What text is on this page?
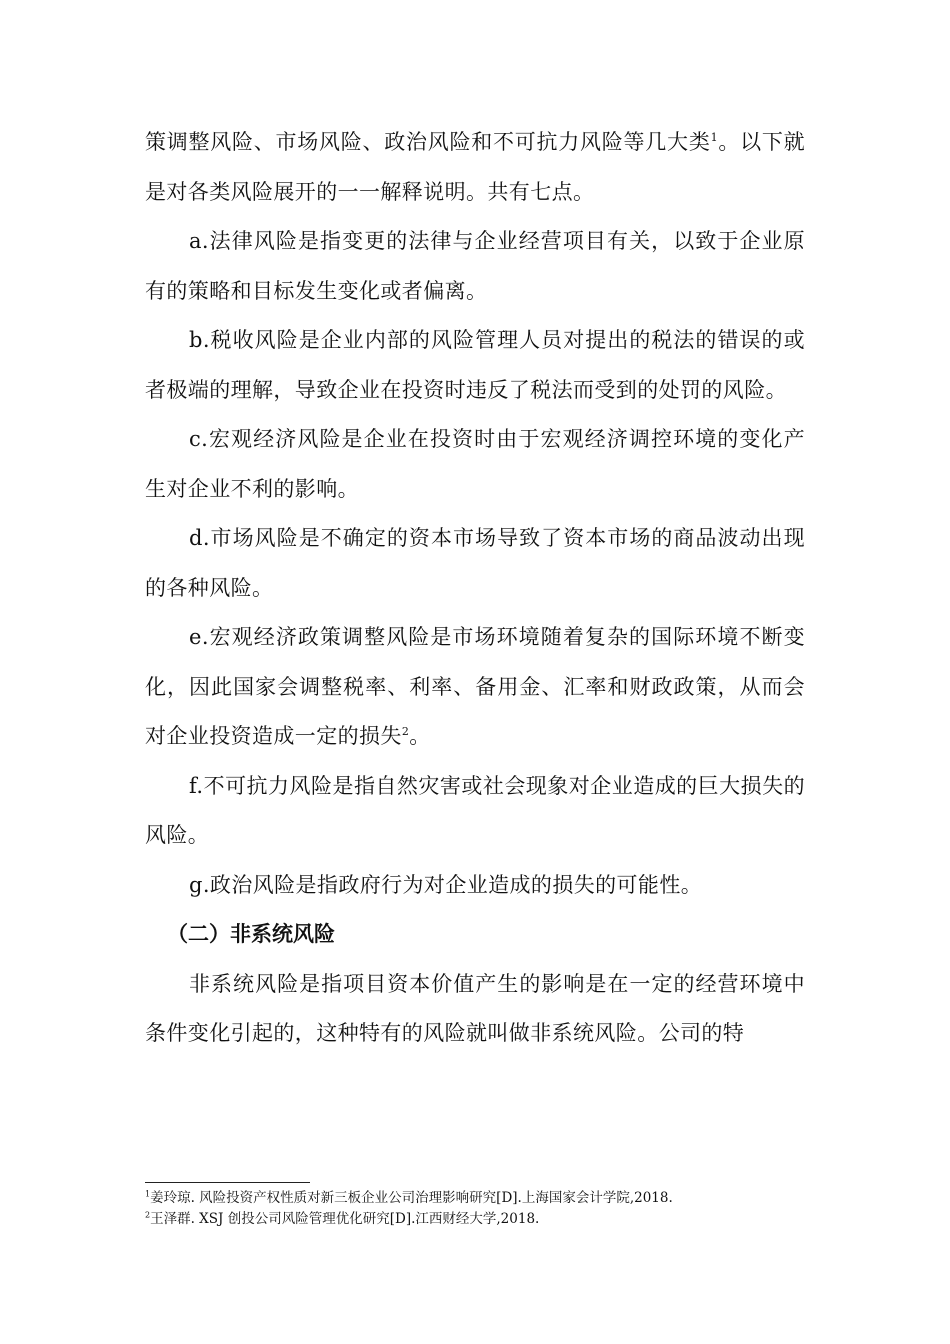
策调整风险、市场风险、政治风险和不可抗力风险等几大类$^1$。以下就是对各类风险展开的一一解释说明。共有七点。

a.法律风险是指变更的法律与企业经营项目有关，以致于企业原有的策略和目标发生变化或者偏离。

b.税收风险是企业内部的风险管理人员对提出的税法的错误的或者极端的理解，导致企业在投资时违反了税法而受到的处罚的风险。

c.宏观经济风险是企业在投资时由于宏观经济调控环境的变化产生对企业不利的影响。

d.市场风险是不确定的资本市场导致了资本市场的商品波动出现的各种风险。

e.宏观经济政策调整风险是市场环境随着复杂的国际环境不断变化，因此国家会调整税率、利率、备用金、汇率和财政政策，从而会对企业投资造成一定的损失$^2$。

f.不可抗力风险是指自然灾害或社会现象对企业造成的巨大损失的风险。

g.政治风险是指政府行为对企业造成的损失的可能性。

（二）非系统风险

非系统风险是指项目资本价值产生的影响是在一定的经营环境中条件变化引起的，这种特有的风险就叫做非系统风险。公司的特

$^1$姜玲琼. 风险投资产权性质对新三板企业公司治理影响研究[D].上海国家会计学院,2018.

$^2$王泽群. XSJ 创投公司风险管理优化研究[D].江西财经大学,2018.
